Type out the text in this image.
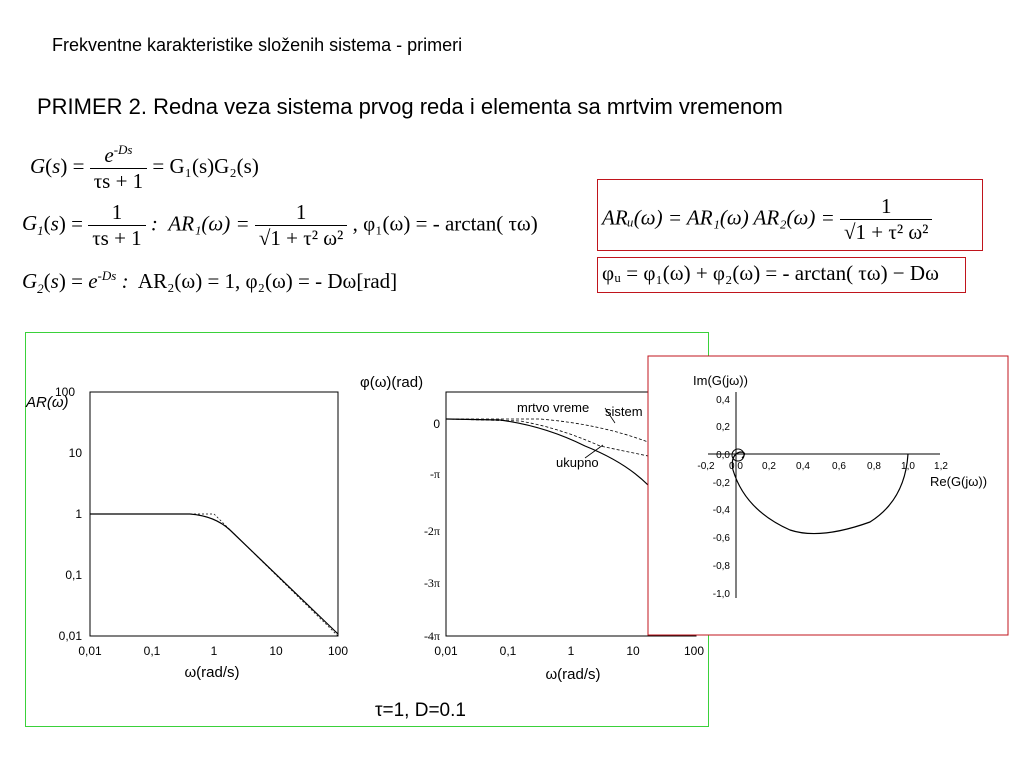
Frekventne karakteristike složenih sistema - primeri
PRIMER 2. Redna veza sistema prvog reda i elementa sa mrtvim vremenom
$G(s) = \frac{e^{-Ds}}{\tau s + 1} = G_1(s)G_2(s)$
$G_1(s) = \frac{1}{\tau s + 1}$ : $AR_1(\omega) = \frac{1}{\text{√1 + τ² ω²}}$ , φ₁(ω) = - arctan( τω)
$G_2(s) = e^{-Ds}$ : AR₂(ω) = 1, φ₂(ω) = - Dω[rad]
ARᵤ(ω) = AR₁(ω) $AR_2(\omega) = \frac{1}{\text{√1 + τ² ω²}}$
φᵤ = φ₁(ω) + φ₂(ω) = - arctan( τω) − Dω
AR(ω)
100
10
1
0,1
0,01
0,01	0,1	1	10	100
ω(rad/s)
φ(ω)(rad)
0
-π
-2π
-3π
-4π
0,01	0,1	1	10	100
ω(rad/s)
mrtvo vreme sistem
ukupno
Im(G(jω))
Re(G(jω))
0,4
0,2
0,0
-0,2
-0,4
-0,6
-0,8
-1,0
-0,2 0,0 0,2 0,4 0,6 0,8 1,0 1,2
τ=1, D=0.1
